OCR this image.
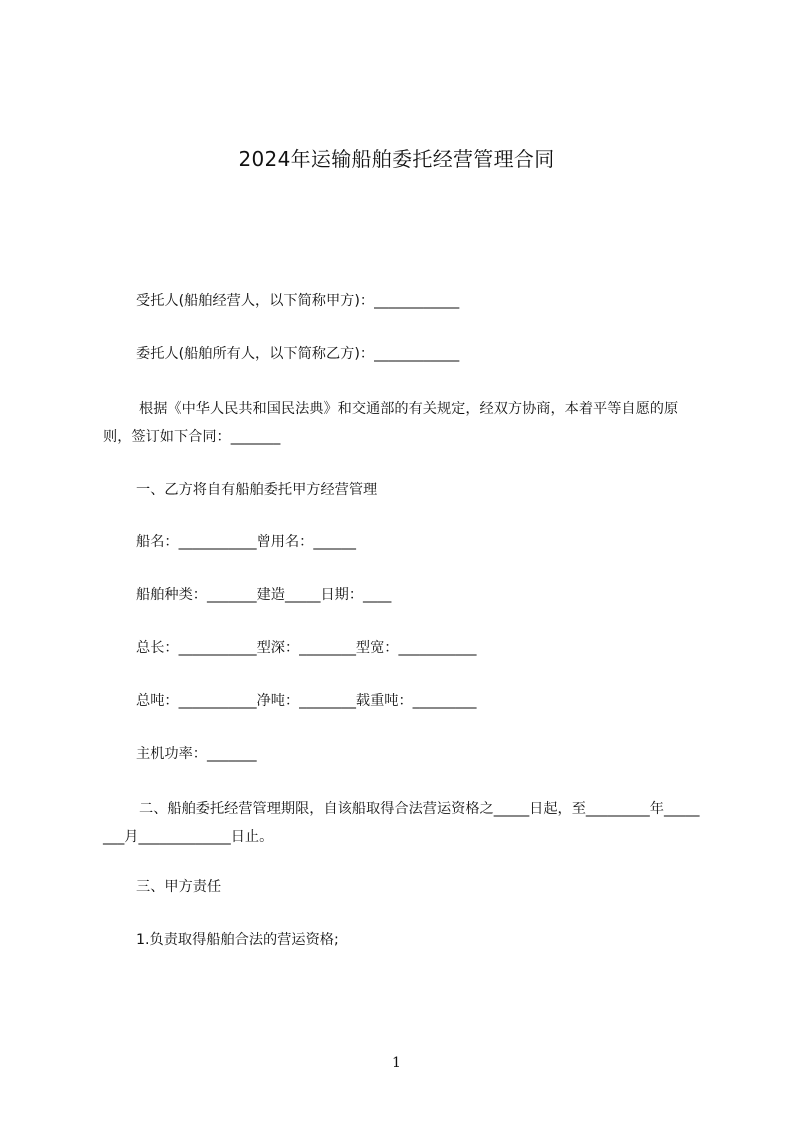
2024年运输船舶委托经营管理合同

受托人(船舶经营人，以下简称甲方)：____________

委托人(船舶所有人，以下简称乙方)：____________

根据《中华人民共和国民法典》和交通部的有关规定，经双方协商，本着平等自愿的原则，签订如下合同：_______

一、乙方将自有船舶委托甲方经营管理

船名：___________曾用名：______

船舶种类：_______建造_____日期：____

总长：___________型深：________型宽：___________

总吨：___________净吨：________载重吨：_________

主机功率：_______

二、船舶委托经营管理期限，自该船取得合法营运资格之_____日起，至_________年________月_____________日止。

三、甲方责任

1.负责取得船舶合法的营运资格;

1
